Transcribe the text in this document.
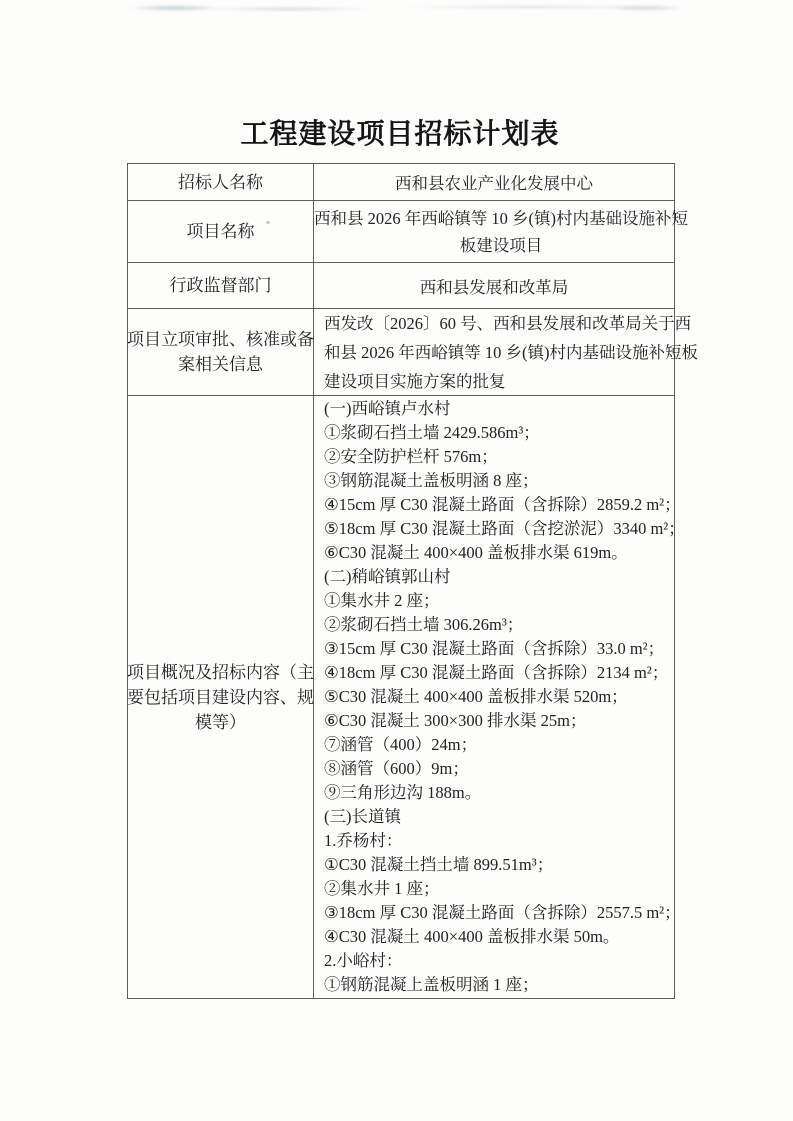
工程建设项目招标计划表
招标人名称	西和县农业产业化发展中心
项目名称
西和县 2026 年西峪镇等 10 乡(镇)村内基础设施补短
板建设项目
行政监督部门	西和县发展和改革局
项目立项审批、核准或备
案相关信息
西发改〔2026〕60 号、西和县发展和改革局关于西
和县 2026 年西峪镇等 10 乡(镇)村内基础设施补短板
建设项目实施方案的批复
项目概况及招标内容（主
要包括项目建设内容、规
模等）
(一)西峪镇卢水村
①浆砌石挡土墙 2429.586m³；
②安全防护栏杆 576m；
③钢筋混凝土盖板明涵 8 座；
④15cm 厚 C30 混凝土路面（含拆除）2859.2 m²；
⑤18cm 厚 C30 混凝土路面（含挖淤泥）3340 m²；
⑥C30 混凝土 400×400 盖板排水渠 619m。
(二)稍峪镇郭山村
①集水井 2 座；
②浆砌石挡土墙 306.26m³；
③15cm 厚 C30 混凝土路面（含拆除）33.0 m²；
④18cm 厚 C30 混凝土路面（含拆除）2134 m²；
⑤C30 混凝土 400×400 盖板排水渠 520m；
⑥C30 混凝土 300×300 排水渠 25m；
⑦涵管（400）24m；
⑧涵管（600）9m；
⑨三角形边沟 188m。
(三)长道镇
1.乔杨村：
①C30 混凝土挡土墙 899.51m³；
②集水井 1 座；
③18cm 厚 C30 混凝土路面（含拆除）2557.5 m²；
④C30 混凝土 400×400 盖板排水渠 50m。
2.小峪村：
①钢筋混凝上盖板明涵 1 座；
